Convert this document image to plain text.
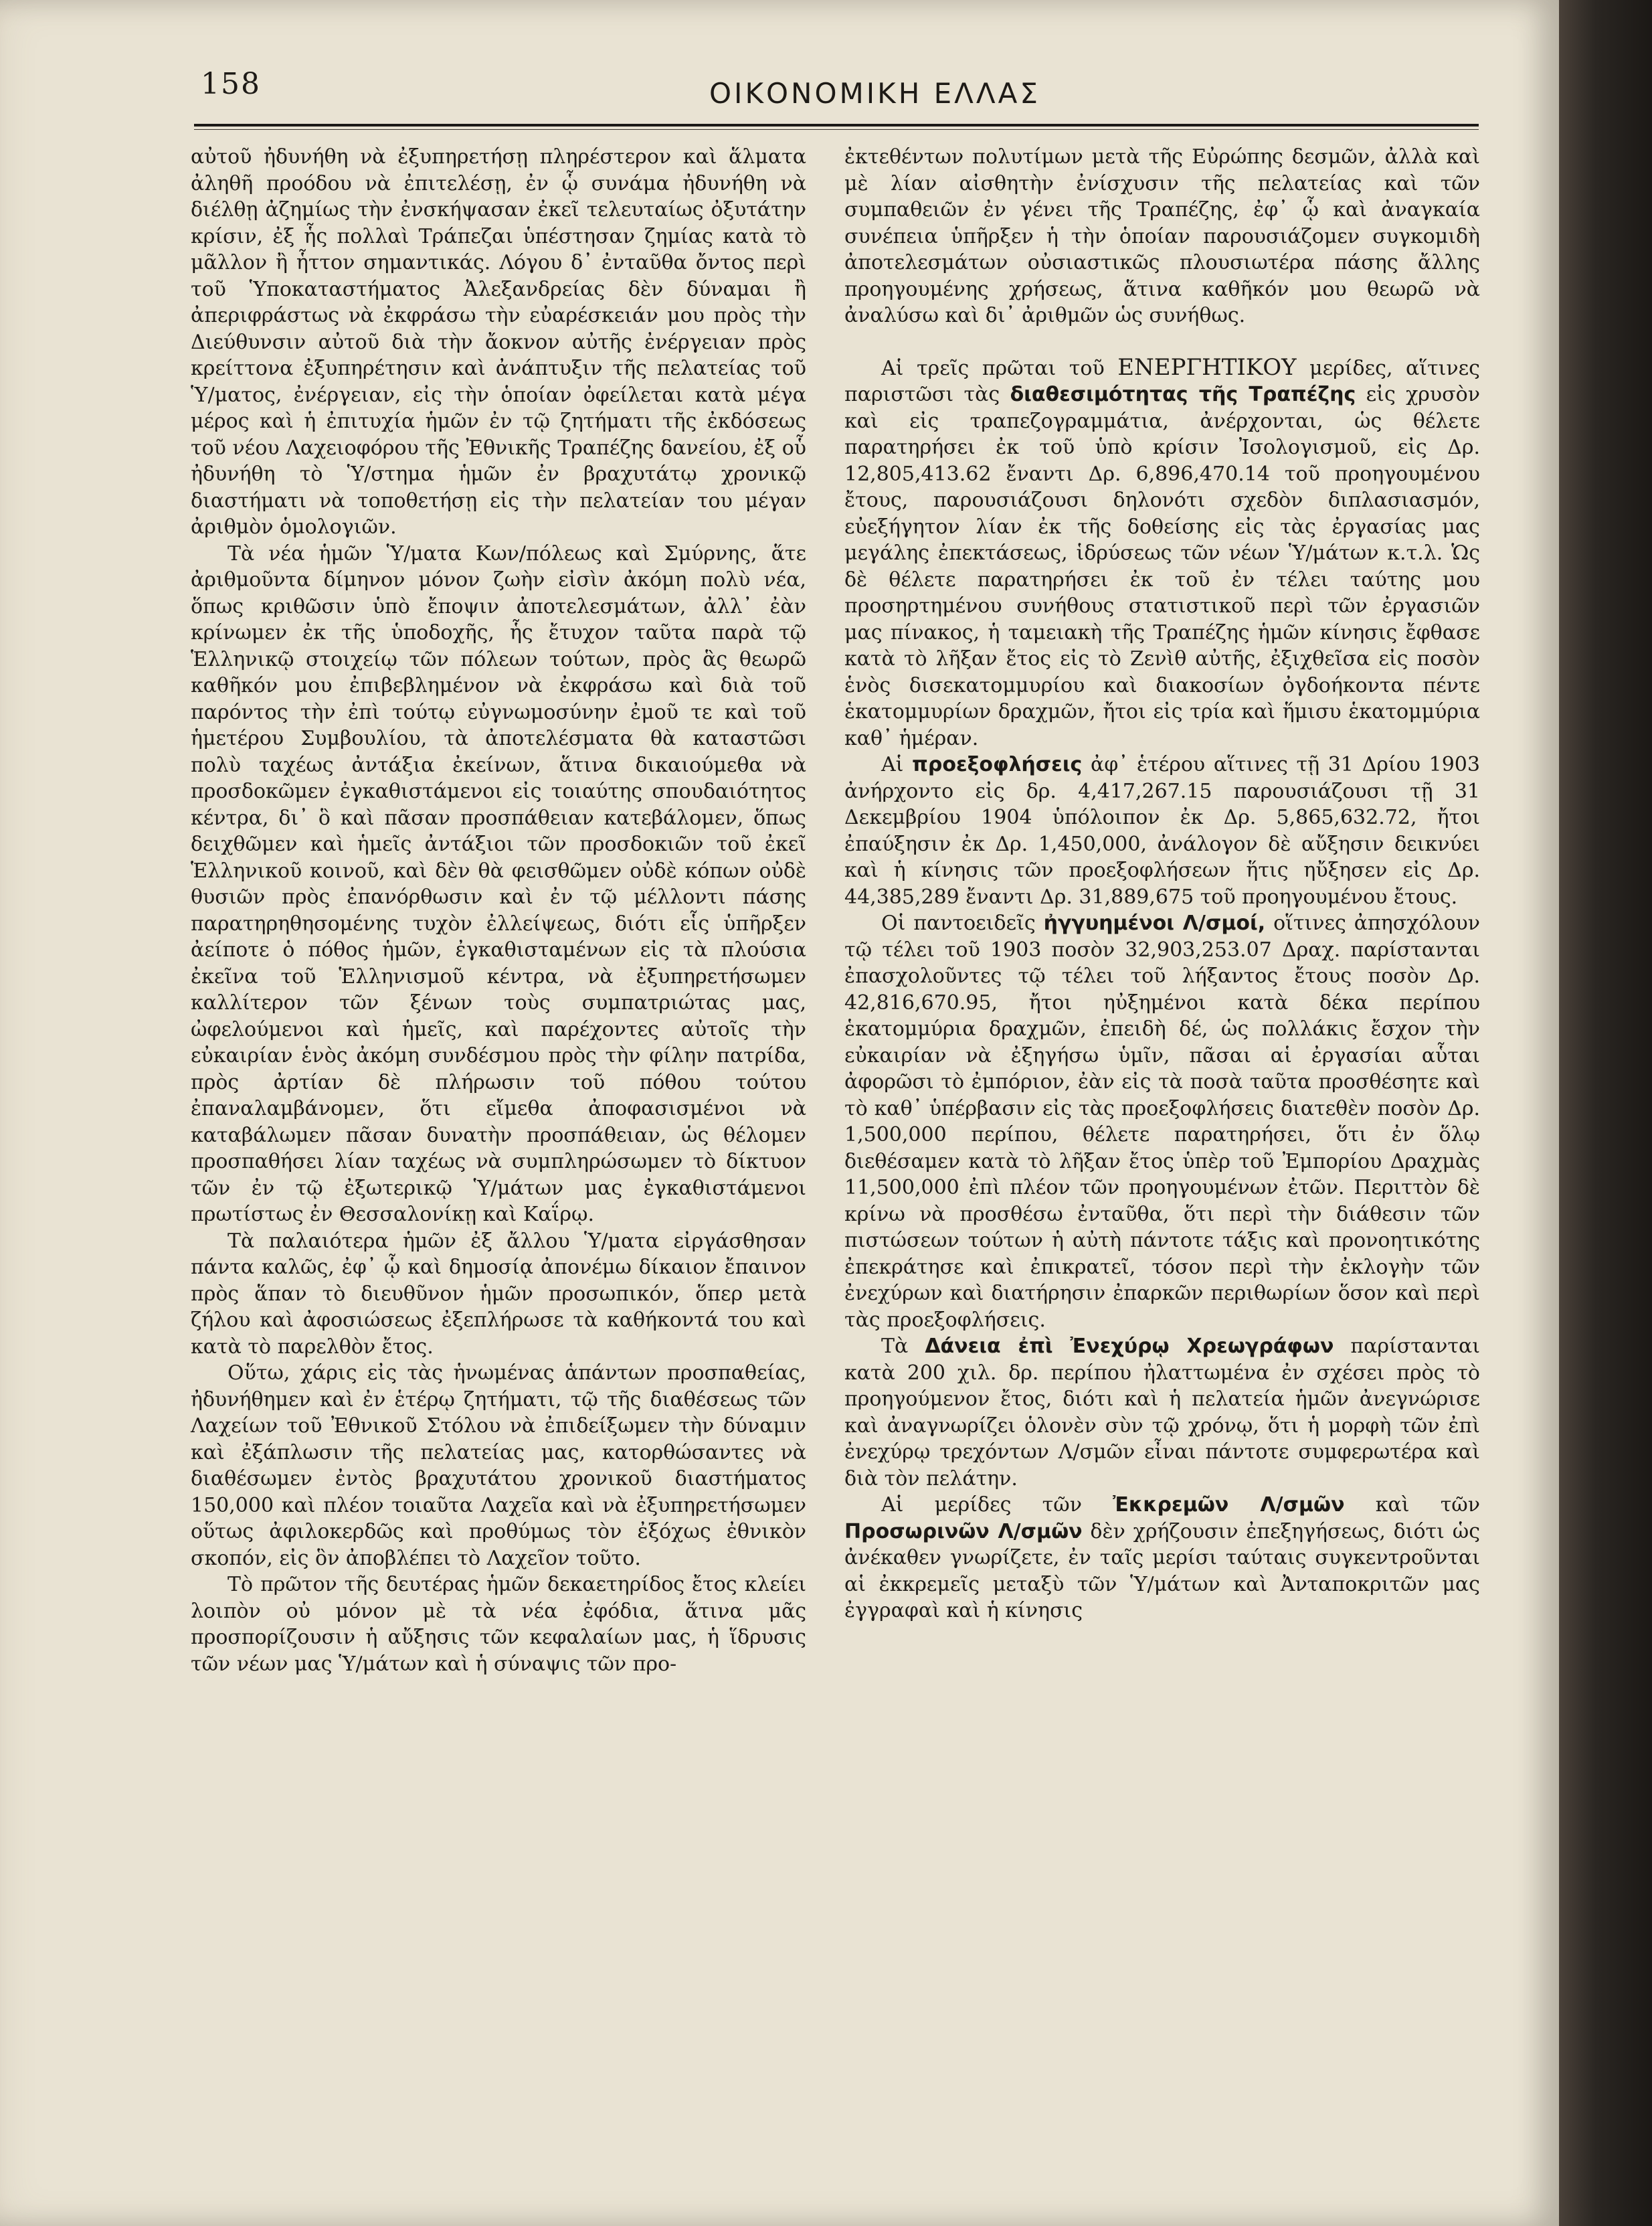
158	ΟΙΚΟΝΟΜΙΚΗ ΕΛΛΑΣ

αὐτοῦ ἠδυνήθη νὰ ἐξυπηρετήσῃ πληρέστερον καὶ ἅλματα ἀληθῆ προόδου νὰ ἐπιτελέσῃ, ἐν ᾧ συνάμα ἠδυνήθη νὰ διέλθῃ ἀζημίως τὴν ἐνσκήψασαν ἐκεῖ τελευταίως ὀξυτάτην κρίσιν, ἐξ ἧς πολλαὶ Τράπεζαι ὑπέστησαν ζημίας κατὰ τὸ μᾶλλον ἢ ἧττον σημαντικάς. Λόγου δ᾽ ἐνταῦθα ὄντος περὶ τοῦ Ὑποκαταστήματος Ἀλεξανδρείας δὲν δύναμαι ἢ ἀπεριφράστως νὰ ἐκφράσω τὴν εὐαρέσκειάν μου πρὸς τὴν Διεύθυνσιν αὐτοῦ διὰ τὴν ἄοκνον αὐτῆς ἐνέργειαν πρὸς κρείττονα ἐξυπηρέτησιν καὶ ἀνάπτυξιν τῆς πελατείας τοῦ Ὑ/ματος, ἐνέργειαν, εἰς τὴν ὁποίαν ὀφείλεται κατὰ μέγα μέρος καὶ ἡ ἐπιτυχία ἡμῶν ἐν τῷ ζητήματι τῆς ἐκδόσεως τοῦ νέου Λαχειοφόρου τῆς Ἐθνικῆς Τραπέζης δανείου, ἐξ οὗ ἠδυνήθη τὸ Ὑ/στημα ἡμῶν ἐν βραχυτάτῳ χρονικῷ διαστήματι νὰ τοποθετήσῃ εἰς τὴν πελατείαν του μέγαν ἀριθμὸν ὁμολογιῶν.

Τὰ νέα ἡμῶν Ὑ/ματα Κων/πόλεως καὶ Σμύρνης, ἅτε ἀριθμοῦντα δίμηνον μόνον ζωὴν εἰσὶν ἀκόμη πολὺ νέα, ὅπως κριθῶσιν ὑπὸ ἔποψιν ἀποτελεσμάτων, ἀλλ᾽ ἐὰν κρίνωμεν ἐκ τῆς ὑποδοχῆς, ἧς ἔτυχον ταῦτα παρὰ τῷ Ἑλληνικῷ στοιχείῳ τῶν πόλεων τούτων, πρὸς ἃς θεωρῶ καθῆκόν μου ἐπιβεβλημένον νὰ ἐκφράσω καὶ διὰ τοῦ παρόντος τὴν ἐπὶ τούτῳ εὐγνωμοσύνην ἐμοῦ τε καὶ τοῦ ἡμετέρου Συμβουλίου, τὰ ἀποτελέσματα θὰ καταστῶσι πολὺ ταχέως ἀντάξια ἐκείνων, ἅτινα δικαιούμεθα νὰ προσδοκῶμεν ἐγκαθιστάμενοι εἰς τοιαύτης σπουδαιότητος κέντρα, δι᾽ ὃ καὶ πᾶσαν προσπάθειαν κατεβάλομεν, ὅπως δειχθῶμεν καὶ ἡμεῖς ἀντάξιοι τῶν προσδοκιῶν τοῦ ἐκεῖ Ἑλληνικοῦ κοινοῦ, καὶ δὲν θὰ φεισθῶμεν οὐδὲ κόπων οὐδὲ θυσιῶν πρὸς ἐπανόρθωσιν καὶ ἐν τῷ μέλλοντι πάσης παρατηρηθησομένης τυχὸν ἐλλείψεως, διότι εἷς ὑπῆρξεν ἀείποτε ὁ πόθος ἡμῶν, ἐγκαθισταμένων εἰς τὰ πλούσια ἐκεῖνα τοῦ Ἑλληνισμοῦ κέντρα, νὰ ἐξυπηρετήσωμεν καλλίτερον τῶν ξένων τοὺς συμπατριώτας μας, ὠφελούμενοι καὶ ἡμεῖς, καὶ παρέχοντες αὐτοῖς τὴν εὐκαιρίαν ἑνὸς ἀκόμη συνδέσμου πρὸς τὴν φίλην πατρίδα, πρὸς ἀρτίαν δὲ πλήρωσιν τοῦ πόθου τούτου ἐπαναλαμβάνομεν, ὅτι εἴμεθα ἀποφασισμένοι νὰ καταβάλωμεν πᾶσαν δυνατὴν προσπάθειαν, ὡς θέλομεν προσπαθήσει λίαν ταχέως νὰ συμπληρώσωμεν τὸ δίκτυον τῶν ἐν τῷ ἐξωτερικῷ Ὑ/μάτων μας ἐγκαθιστάμενοι πρωτίστως ἐν Θεσσαλονίκῃ καὶ Καΐρῳ.

Τὰ παλαιότερα ἡμῶν ἐξ ἄλλου Ὑ/ματα εἰργάσθησαν πάντα καλῶς, ἐφ᾽ ᾧ καὶ δημοσίᾳ ἀπονέμω δίκαιον ἔπαινον πρὸς ἅπαν τὸ διευθῦνον ἡμῶν προσωπικόν, ὅπερ μετὰ ζήλου καὶ ἀφοσιώσεως ἐξεπλήρωσε τὰ καθήκοντά του καὶ κατὰ τὸ παρελθὸν ἔτος.

Οὕτω, χάρις εἰς τὰς ἡνωμένας ἁπάντων προσπαθείας, ἠδυνήθημεν καὶ ἐν ἑτέρῳ ζητήματι, τῷ τῆς διαθέσεως τῶν Λαχείων τοῦ Ἐθνικοῦ Στόλου νὰ ἐπιδείξωμεν τὴν δύναμιν καὶ ἐξάπλωσιν τῆς πελατείας μας, κατορθώσαντες νὰ διαθέσωμεν ἐντὸς βραχυτάτου χρονικοῦ διαστήματος 150,000 καὶ πλέον τοιαῦτα Λαχεῖα καὶ νὰ ἐξυπηρετήσωμεν οὕτως ἀφιλοκερδῶς καὶ προθύμως τὸν ἐξόχως ἐθνικὸν σκοπόν, εἰς ὃν ἀποβλέπει τὸ Λαχεῖον τοῦτο.

Τὸ πρῶτον τῆς δευτέρας ἡμῶν δεκαετηρίδος ἔτος κλείει λοιπὸν οὐ μόνον μὲ τὰ νέα ἐφόδια, ἅτινα μᾶς προσπορίζουσιν ἡ αὔξησις τῶν κεφαλαίων μας, ἡ ἵδρυσις τῶν νέων μας Ὑ/μάτων καὶ ἡ σύναψις τῶν προ-

ἐκτεθέντων πολυτίμων μετὰ τῆς Εὐρώπης δεσμῶν, ἀλλὰ καὶ μὲ λίαν αἰσθητὴν ἐνίσχυσιν τῆς πελατείας καὶ τῶν συμπαθειῶν ἐν γένει τῆς Τραπέζης, ἐφ᾽ ᾧ καὶ ἀναγκαία συνέπεια ὑπῆρξεν ἡ τὴν ὁποίαν παρουσιάζομεν συγκομιδὴ ἀποτελεσμάτων οὐσιαστικῶς πλουσιωτέρα πάσης ἄλλης προηγουμένης χρήσεως, ἅτινα καθῆκόν μου θεωρῶ νὰ ἀναλύσω καὶ δι᾽ ἀριθμῶν ὡς συνήθως.

Αἱ τρεῖς πρῶται τοῦ ΕΝΕΡΓΗΤΙΚΟΥ μερίδες, αἵτινες παριστῶσι τὰς διαθεσιμότητας τῆς Τραπέζης εἰς χρυσὸν καὶ εἰς τραπεζογραμμάτια, ἀνέρχονται, ὡς θέλετε παρατηρήσει ἐκ τοῦ ὑπὸ κρίσιν Ἰσολογισμοῦ, εἰς Δρ. 12,805,413.62 ἔναντι Δρ. 6,896,470.14 τοῦ προηγουμένου ἔτους, παρουσιάζουσι δηλονότι σχεδὸν διπλασιασμόν, εὐεξήγητον λίαν ἐκ τῆς δοθείσης εἰς τὰς ἐργασίας μας μεγάλης ἐπεκτάσεως, ἱδρύσεως τῶν νέων Ὑ/μάτων κ.τ.λ. Ὡς δὲ θέλετε παρατηρήσει ἐκ τοῦ ἐν τέλει ταύτης μου προσηρτημένου συνήθους στατιστικοῦ περὶ τῶν ἐργασιῶν μας πίνακος, ἡ ταμειακὴ τῆς Τραπέζης ἡμῶν κίνησις ἔφθασε κατὰ τὸ λῆξαν ἔτος εἰς τὸ Ζενὶθ αὐτῆς, ἐξιχθεῖσα εἰς ποσὸν ἑνὸς δισεκατομμυρίου καὶ διακοσίων ὀγδοήκοντα πέντε ἑκατομμυρίων δραχμῶν, ἤτοι εἰς τρία καὶ ἥμισυ ἑκατομμύρια καθ᾽ ἡμέραν.

Αἱ προεξοφλήσεις ἀφ᾽ ἑτέρου αἵτινες τῇ 31 Δρίου 1903 ἀνήρχοντο εἰς δρ. 4,417,267.15 παρουσιάζουσι τῇ 31 Δεκεμβρίου 1904 ὑπόλοιπον ἐκ Δρ. 5,865,632.72, ἤτοι ἐπαύξησιν ἐκ Δρ. 1,450,000, ἀνάλογον δὲ αὔξησιν δεικνύει καὶ ἡ κίνησις τῶν προεξοφλήσεων ἥτις ηὔξησεν εἰς Δρ. 44,385,289 ἔναντι Δρ. 31,889,675 τοῦ προηγουμένου ἔτους.

Οἱ παντοειδεῖς ἠγγυημένοι Λ/σμοί, οἵτινες ἀπησχόλουν τῷ τέλει τοῦ 1903 ποσὸν 32,903,253.07 Δραχ. παρίστανται ἐπασχολοῦντες τῷ τέλει τοῦ λήξαντος ἔτους ποσὸν Δρ. 42,816,670.95, ἤτοι ηὐξημένοι κατὰ δέκα περίπου ἑκατομμύρια δραχμῶν, ἐπειδὴ δέ, ὡς πολλάκις ἔσχον τὴν εὐκαιρίαν νὰ ἐξηγήσω ὑμῖν, πᾶσαι αἱ ἐργασίαι αὗται ἀφορῶσι τὸ ἐμπόριον, ἐὰν εἰς τὰ ποσὰ ταῦτα προσθέσητε καὶ τὸ καθ᾽ ὑπέρβασιν εἰς τὰς προεξοφλήσεις διατεθὲν ποσὸν Δρ. 1,500,000 περίπου, θέλετε παρατηρήσει, ὅτι ἐν ὅλῳ διεθέσαμεν κατὰ τὸ λῆξαν ἔτος ὑπὲρ τοῦ Ἐμπορίου Δραχμὰς 11,500,000 ἐπὶ πλέον τῶν προηγουμένων ἐτῶν. Περιττὸν δὲ κρίνω νὰ προσθέσω ἐνταῦθα, ὅτι περὶ τὴν διάθεσιν τῶν πιστώσεων τούτων ἡ αὐτὴ πάντοτε τάξις καὶ προνοητικότης ἐπεκράτησε καὶ ἐπικρατεῖ, τόσον περὶ τὴν ἐκλογὴν τῶν ἐνεχύρων καὶ διατήρησιν ἐπαρκῶν περιθωρίων ὅσον καὶ περὶ τὰς προεξοφλήσεις.

Τὰ Δάνεια ἐπὶ Ἐνεχύρῳ Χρεωγράφων παρίστανται κατὰ 200 χιλ. δρ. περίπου ἠλαττωμένα ἐν σχέσει πρὸς τὸ προηγούμενον ἔτος, διότι καὶ ἡ πελατεία ἡμῶν ἀνεγνώρισε καὶ ἀναγνωρίζει ὁλονὲν σὺν τῷ χρόνῳ, ὅτι ἡ μορφὴ τῶν ἐπὶ ἐνεχύρῳ τρεχόντων Λ/σμῶν εἶναι πάντοτε συμφερωτέρα καὶ διὰ τὸν πελάτην.

Αἱ μερίδες τῶν Ἐκκρεμῶν Λ/σμῶν καὶ τῶν Προσωρινῶν Λ/σμῶν δὲν χρήζουσιν ἐπεξηγήσεως, διότι ὡς ἀνέκαθεν γνωρίζετε, ἐν ταῖς μερίσι ταύταις συγκεντροῦνται αἱ ἐκκρεμεῖς μεταξὺ τῶν Ὑ/μάτων καὶ Ἀνταποκριτῶν μας ἐγγραφαὶ καὶ ἡ κίνησις
